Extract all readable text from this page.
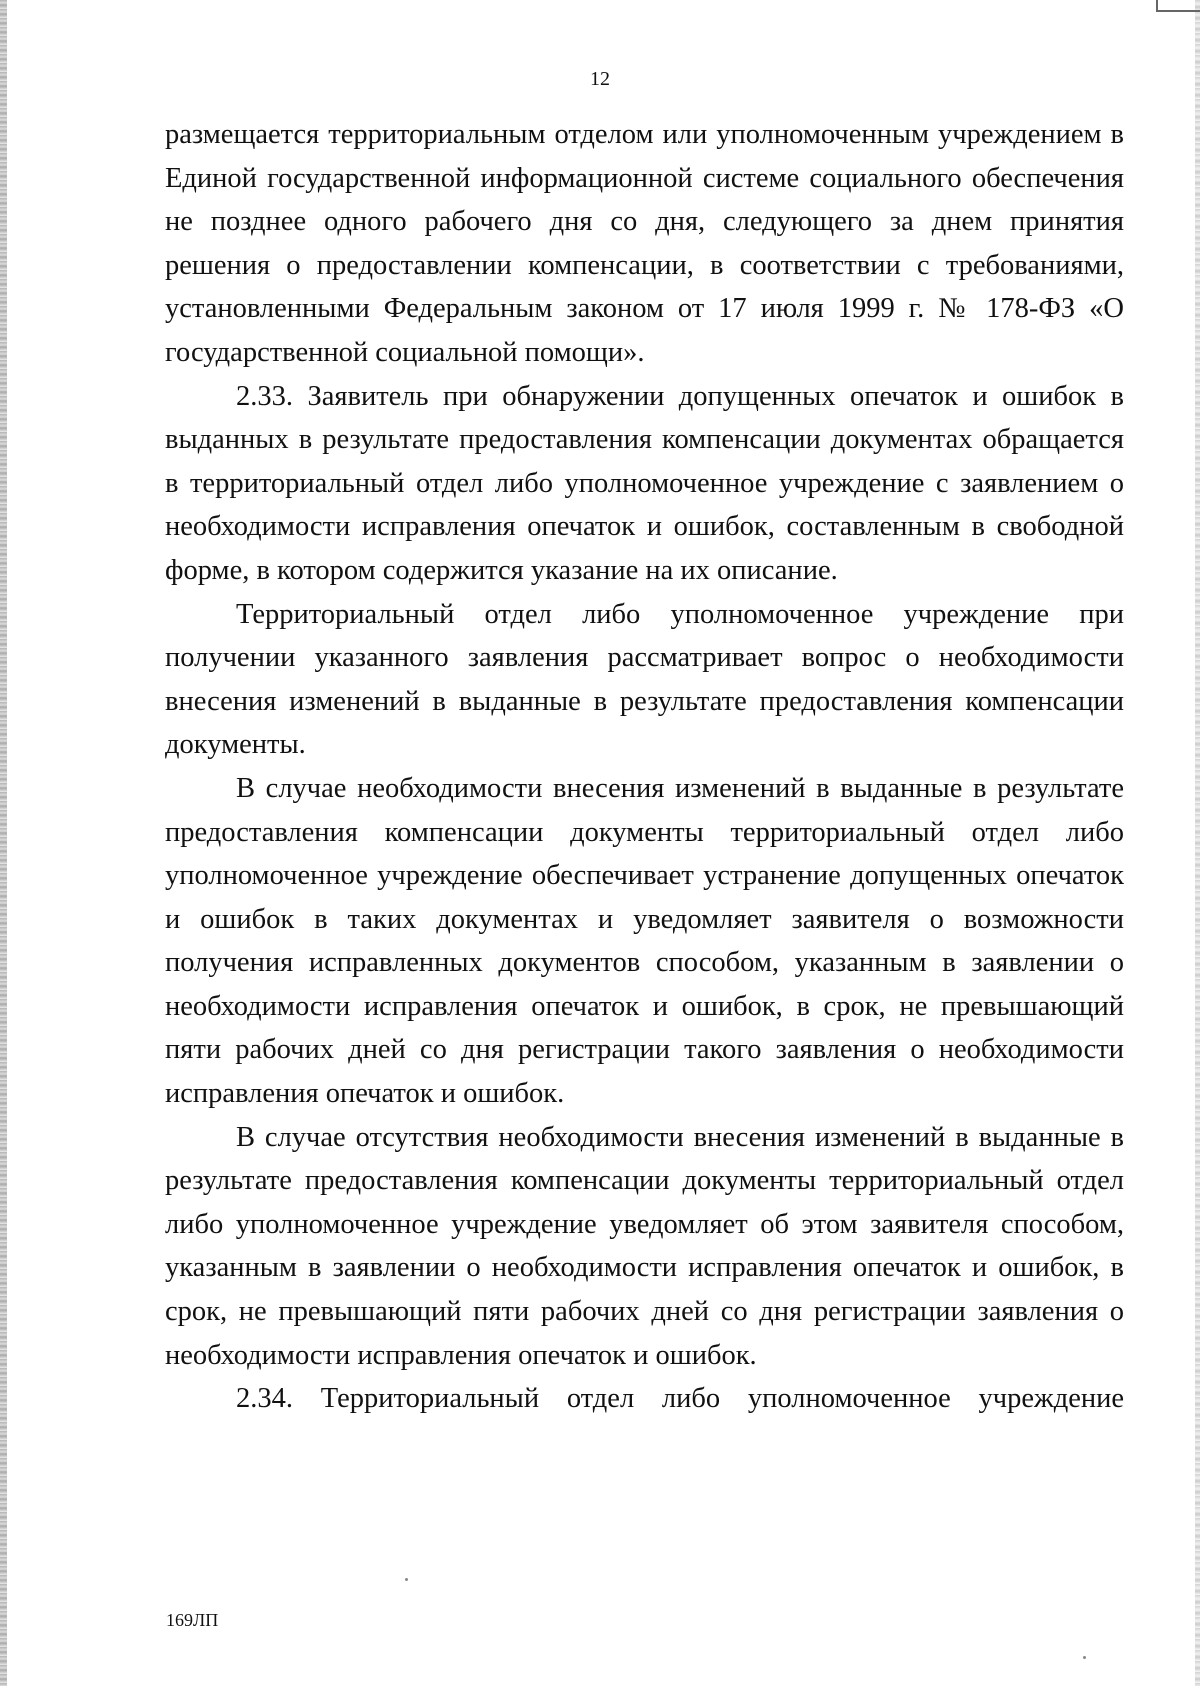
12

размещается территориальным отделом или уполномоченным учреждением в Единой государственной информационной системе социального обеспечения не позднее одного рабочего дня со дня, следующего за днем принятия решения о предоставлении компенсации, в соответствии с требованиями, установленными Федеральным законом от 17 июля 1999 г. № 178-ФЗ «О государственной социальной помощи».

2.33. Заявитель при обнаружении допущенных опечаток и ошибок в выданных в результате предоставления компенсации документах обращается в территориальный отдел либо уполномоченное учреждение с заявлением о необходимости исправления опечаток и ошибок, составленным в свободной форме, в котором содержится указание на их описание.

Территориальный отдел либо уполномоченное учреждение при получении указанного заявления рассматривает вопрос о необходимости внесения изменений в выданные в результате предоставления компенсации документы.

В случае необходимости внесения изменений в выданные в результате предоставления компенсации документы территориальный отдел либо уполномоченное учреждение обеспечивает устранение допущенных опечаток и ошибок в таких документах и уведомляет заявителя о возможности получения исправленных документов способом, указанным в заявлении о необходимости исправления опечаток и ошибок, в срок, не превышающий пяти рабочих дней со дня регистрации такого заявления о необходимости исправления опечаток и ошибок.

В случае отсутствия необходимости внесения изменений в выданные в результате предоставления компенсации документы территориальный отдел либо уполномоченное учреждение уведомляет об этом заявителя способом, указанным в заявлении о необходимости исправления опечаток и ошибок, в срок, не превышающий пяти рабочих дней со дня регистрации заявления о необходимости исправления опечаток и ошибок.

2.34. Территориальный отдел либо уполномоченное учреждение

169ЛП
